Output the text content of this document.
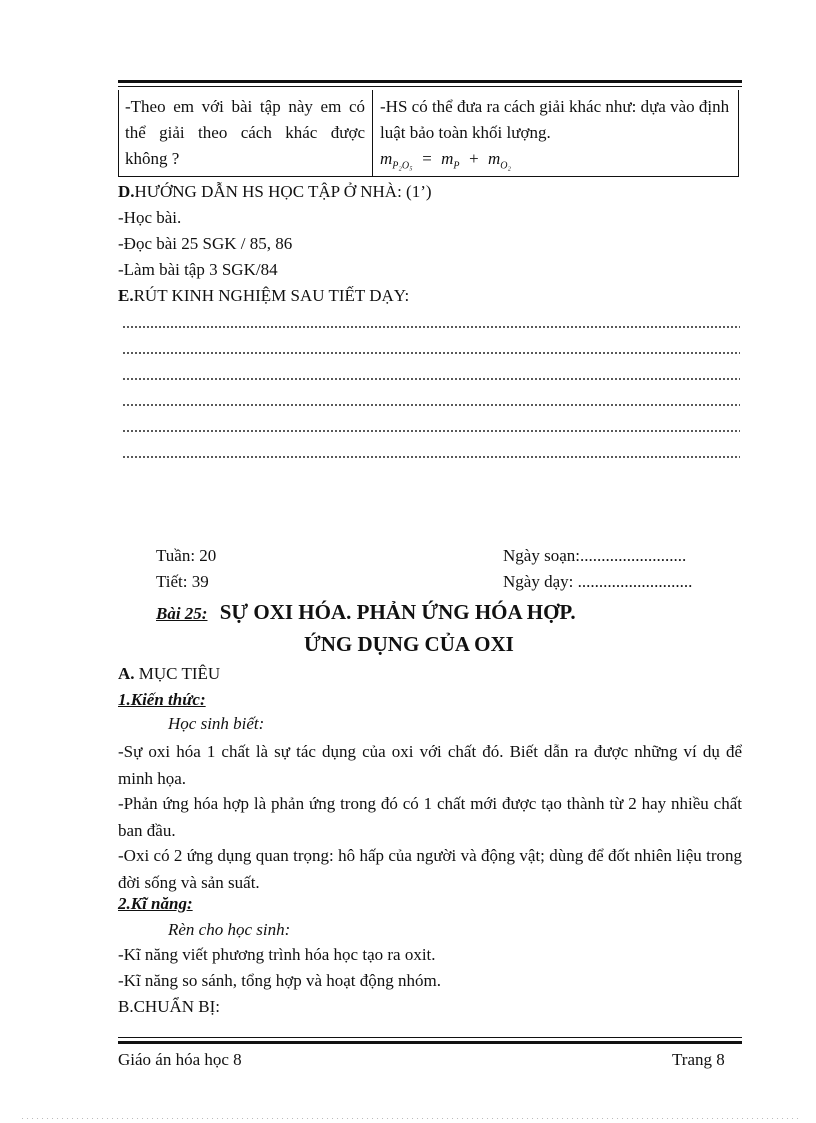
-Theo em với bài tập này em có thể giải theo cách khác được không ?
-HS có thể đưa ra cách giải khác như: dựa vào định luật bảo toàn khối lượng.
$m_{P_2O_5} = m_P + m_{O_2}$
D.HƯỚNG DẪN HS HỌC TẬP Ở NHÀ: (1’)
-Học bài.
-Đọc bài 25 SGK / 85, 86
-Làm bài tập 3 SGK/84
E.RÚT KINH NGHIỆM SAU TIẾT DẠY:
Tuần: 20
Tiết: 39
Ngày soạn:.........................
Ngày dạy: ...........................
Bài 25: SỰ OXI HÓA. PHẢN ỨNG HÓA HỢP.
ỨNG DỤNG CỦA OXI
A. MỤC TIÊU
1.Kiến thức:
Học sinh biết:
-Sự oxi hóa 1 chất là sự tác dụng của oxi với chất đó. Biết dẫn ra được những ví dụ để minh họa.
-Phản ứng hóa hợp là phản ứng trong đó có 1 chất mới được tạo thành từ 2 hay nhiều chất ban đầu.
-Oxi có 2 ứng dụng quan trọng: hô hấp của người và động vật; dùng để đốt nhiên liệu trong đời sống và sản suất.
2.Kĩ năng:
Rèn cho học sinh:
-Kĩ năng viết phương trình hóa học tạo ra oxit.
-Kĩ năng so sánh, tổng hợp và hoạt động nhóm.
B.CHUẨN BỊ:
Giáo án hóa học 8	Trang 8
